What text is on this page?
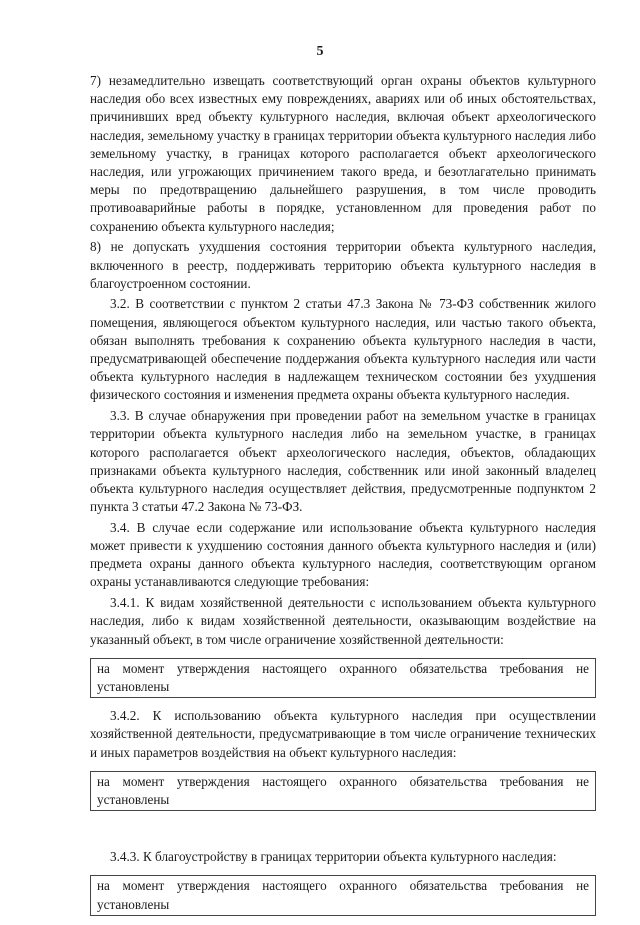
5

7) незамедлительно извещать соответствующий орган охраны объектов культурного наследия обо всех известных ему повреждениях, авариях или об иных обстоятельствах, причинивших вред объекту культурного наследия, включая объект археологического наследия, земельному участку в границах территории объекта культурного наследия либо земельному участку, в границах которого располагается объект археологического наследия, или угрожающих причинением такого вреда, и безотлагательно принимать меры по предотвращению дальнейшего разрушения, в том числе проводить противоаварийные работы в порядке, установленном для проведения работ по сохранению объекта культурного наследия;

8) не допускать ухудшения состояния территории объекта культурного наследия, включенного в реестр, поддерживать территорию объекта культурного наследия в благоустроенном состоянии.

3.2. В соответствии с пунктом 2 статьи 47.3 Закона № 73-ФЗ собственник жилого помещения, являющегося объектом культурного наследия, или частью такого объекта, обязан выполнять требования к сохранению объекта культурного наследия в части, предусматривающей обеспечение поддержания объекта культурного наследия или части объекта культурного наследия в надлежащем техническом состоянии без ухудшения физического состояния и изменения предмета охраны объекта культурного наследия.

3.3. В случае обнаружения при проведении работ на земельном участке в границах территории объекта культурного наследия либо на земельном участке, в границах которого располагается объект археологического наследия, объектов, обладающих признаками объекта культурного наследия, собственник или иной законный владелец объекта культурного наследия осуществляет действия, предусмотренные подпунктом 2 пункта 3 статьи 47.2 Закона № 73-ФЗ.

3.4. В случае если содержание или использование объекта культурного наследия может привести к ухудшению состояния данного объекта культурного наследия и (или) предмета охраны данного объекта культурного наследия, соответствующим органом охраны устанавливаются следующие требования:

3.4.1. К видам хозяйственной деятельности с использованием объекта культурного наследия, либо к видам хозяйственной деятельности, оказывающим воздействие на указанный объект, в том числе ограничение хозяйственной деятельности:

на момент утверждения настоящего охранного обязательства требования не установлены

3.4.2. К использованию объекта культурного наследия при осуществлении хозяйственной деятельности, предусматривающие в том числе ограничение технических и иных параметров воздействия на объект культурного наследия:

на момент утверждения настоящего охранного обязательства требования не установлены

3.4.3. К благоустройству в границах территории объекта культурного наследия:

на момент утверждения настоящего охранного обязательства требования не установлены
